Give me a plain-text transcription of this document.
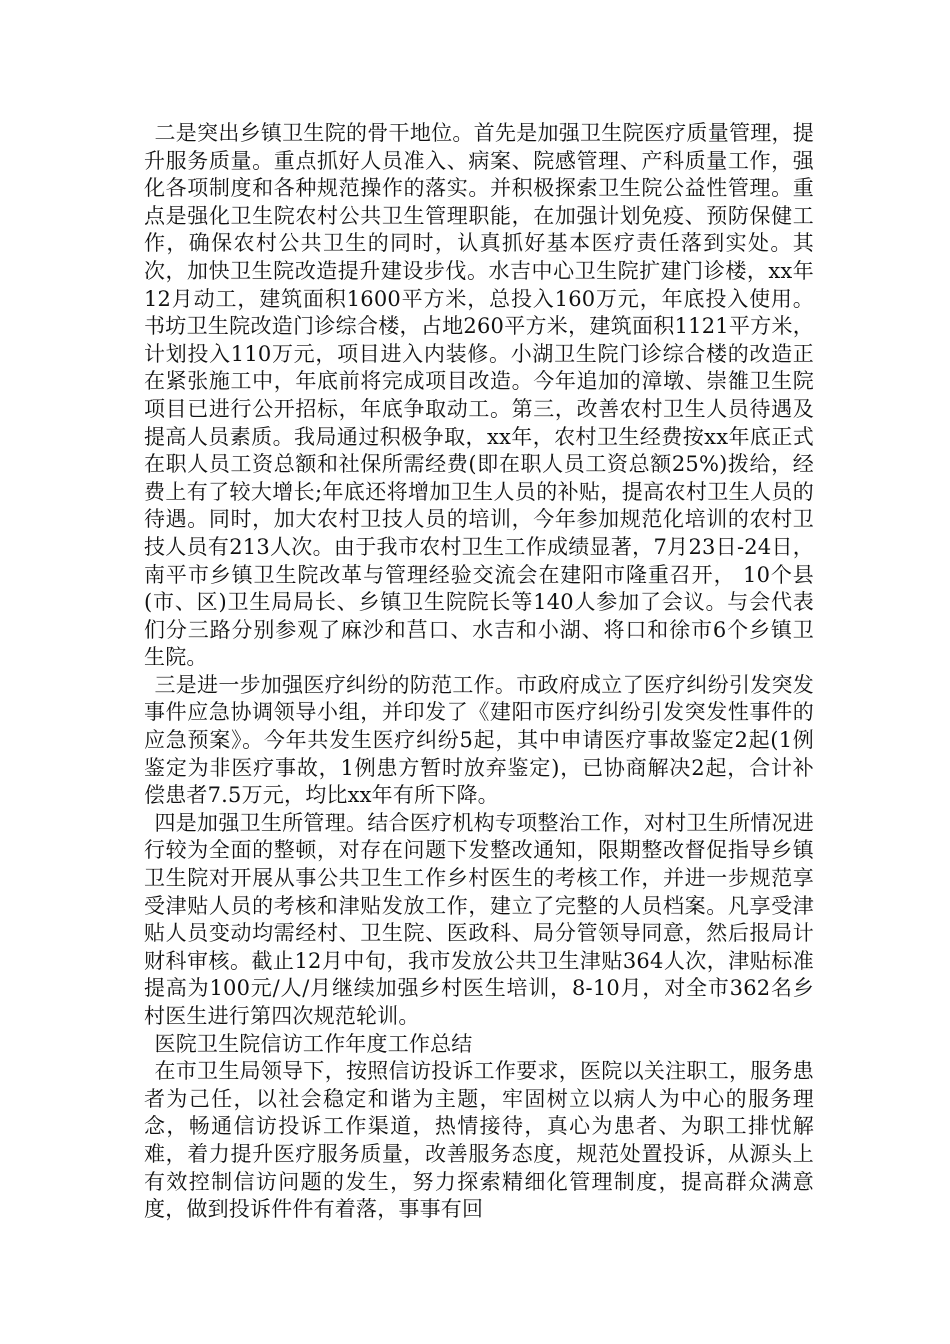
二是突出乡镇卫生院的骨干地位。首先是加强卫生院医疗质量管理，提升服务质量。重点抓好人员准入、病案、院感管理、产科质量工作，强化各项制度和各种规范操作的落实。并积极探索卫生院公益性管理。重点是强化卫生院农村公共卫生管理职能，在加强计划免疫、预防保健工作，确保农村公共卫生的同时，认真抓好基本医疗责任落到实处。其次，加快卫生院改造提升建设步伐。水吉中心卫生院扩建门诊楼，xx年12月动工，建筑面积1600平方米，总投入160万元，年底投入使用。书坊卫生院改造门诊综合楼，占地260平方米，建筑面积1121平方米，计划投入110万元，项目进入内装修。小湖卫生院门诊综合楼的改造正在紧张施工中，年底前将完成项目改造。今年追加的漳墩、崇雒卫生院项目已进行公开招标，年底争取动工。第三，改善农村卫生人员待遇及提高人员素质。我局通过积极争取，xx年，农村卫生经费按xx年底正式在职人员工资总额和社保所需经费(即在职人员工资总额25%)拨给，经费上有了较大增长;年底还将增加卫生人员的补贴，提高农村卫生人员的待遇。同时，加大农村卫技人员的培训，今年参加规范化培训的农村卫技人员有213人次。由于我市农村卫生工作成绩显著，7月23日-24日，南平市乡镇卫生院改革与管理经验交流会在建阳市隆重召开， 10个县(市、区)卫生局局长、乡镇卫生院院长等140人参加了会议。与会代表们分三路分别参观了麻沙和莒口、水吉和小湖、将口和徐市6个乡镇卫生院。

三是进一步加强医疗纠纷的防范工作。市政府成立了医疗纠纷引发突发事件应急协调领导小组，并印发了《建阳市医疗纠纷引发突发性事件的应急预案》。今年共发生医疗纠纷5起，其中申请医疗事故鉴定2起(1例鉴定为非医疗事故，1例患方暂时放弃鉴定)，已协商解决2起，合计补偿患者7.5万元，均比xx年有所下降。

四是加强卫生所管理。结合医疗机构专项整治工作，对村卫生所情况进行较为全面的整顿，对存在问题下发整改通知，限期整改督促指导乡镇卫生院对开展从事公共卫生工作乡村医生的考核工作，并进一步规范享受津贴人员的考核和津贴发放工作，建立了完整的人员档案。凡享受津贴人员变动均需经村、卫生院、医政科、局分管领导同意，然后报局计财科审核。截止12月中旬，我市发放公共卫生津贴364人次，津贴标准提高为100元/人/月继续加强乡村医生培训，8-10月，对全市362名乡村医生进行第四次规范轮训。

医院卫生院信访工作年度工作总结

在市卫生局领导下，按照信访投诉工作要求，医院以关注职工，服务患者为己任，以社会稳定和谐为主题，牢固树立以病人为中心的服务理念，畅通信访投诉工作渠道，热情接待，真心为患者、为职工排忧解难，着力提升医疗服务质量，改善服务态度，规范处置投诉，从源头上有效控制信访问题的发生，努力探索精细化管理制度，提高群众满意度，做到投诉件件有着落，事事有回
